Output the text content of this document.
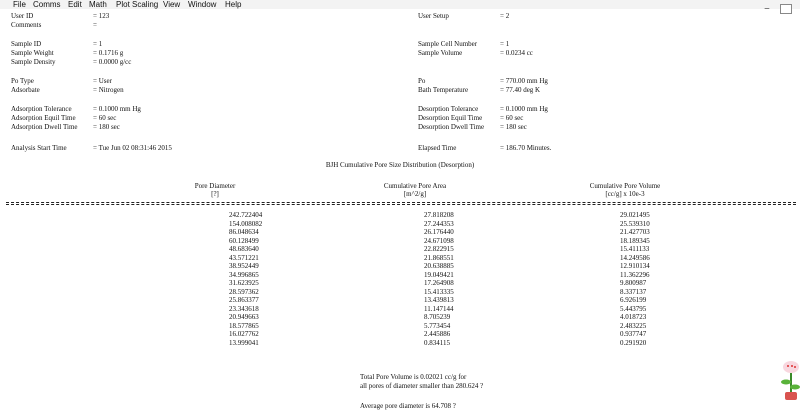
File Comms Edit Math Plot Scaling View Window Help	_
User ID	= 123
Comments	=
Sample ID	= 1
Sample Weight	= 0.1716 g
Sample Density	= 0.0000 g/cc
Po Type	= User
Adsorbate	= Nitrogen
Adsorption Tolerance	= 0.1000 mm Hg
Adsorption Equil Time = 60 sec
Adsorption Dwell Time = 180 sec
Analysis Start Time	= Tue Jun 02 08:31:46 2015
User Setup	= 2
Sample Cell Number	= 1
Sample Volume	= 0.0234 cc
Po	= 770.00 mm Hg
Bath Temperature	= 77.40 deg K
Desorption Tolerance	= 0.1000 mm Hg
Desorption Equil Time	= 60 sec
Desorption Dwell Time = 180 sec
Elapsed Time	= 186.70 Minutes.
BJH Cumulative Pore Size Distribution (Desorption)
Pore Diameter
[?]
Cumulative Pore Area
[m^2/g]
Cumulative Pore Volume
[cc/g] x 10e-3
242.722404	27.818208	29.021495
154.008082	27.244353	25.539310
86.048634	26.176440	21.427703
60.128499	24.671098	18.189345
48.683640	22.822915	15.411133
43.571221	21.868551	14.249586
38.952449	20.638885	12.910134
34.996865	19.049421	11.362296
31.623925	17.264908	9.800987
28.597362	15.413335	8.337137
25.863377	13.439813	6.926199
23.343618	11.147144	5.443795
20.949663	8.705239	4.018723
18.577865	5.773454	2.483225
16.027762	2.445886	0.937747
13.999041	0.834115	0.291920
Total Pore Volume is 0.02021 cc/g for
all pores of diameter smaller than 280.624 ?
Average pore diameter is 64.708 ?
